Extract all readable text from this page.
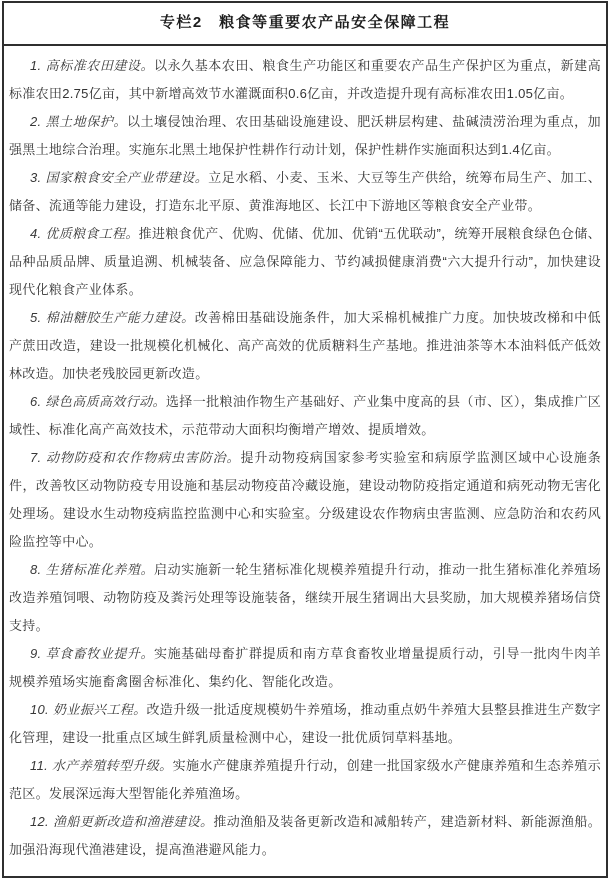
专栏2　粮食等重要农产品安全保障工程

1. 高标准农田建设。以永久基本农田、粮食生产功能区和重要农产品生产保护区为重点，新建高标准农田2.75亿亩，其中新增高效节水灌溉面积0.6亿亩，并改造提升现有高标准农田1.05亿亩。

2. 黑土地保护。以土壤侵蚀治理、农田基础设施建设、肥沃耕层构建、盐碱渍涝治理为重点，加强黑土地综合治理。实施东北黑土地保护性耕作行动计划，保护性耕作实施面积达到1.4亿亩。

3. 国家粮食安全产业带建设。立足水稻、小麦、玉米、大豆等生产供给，统筹布局生产、加工、储备、流通等能力建设，打造东北平原、黄淮海地区、长江中下游地区等粮食安全产业带。

4. 优质粮食工程。推进粮食优产、优购、优储、优加、优销“五优联动”，统筹开展粮食绿色仓储、品种品质品牌、质量追溯、机械装备、应急保障能力、节约减损健康消费“六大提升行动”，加快建设现代化粮食产业体系。

5. 棉油糖胶生产能力建设。改善棉田基础设施条件，加大采棉机械推广力度。加快坡改梯和中低产蔗田改造，建设一批规模化机械化、高产高效的优质糖料生产基地。推进油茶等木本油料低产低效林改造。加快老残胶园更新改造。

6. 绿色高质高效行动。选择一批粮油作物生产基础好、产业集中度高的县（市、区），集成推广区域性、标准化高产高效技术，示范带动大面积均衡增产增效、提质增效。

7. 动物防疫和农作物病虫害防治。提升动物疫病国家参考实验室和病原学监测区域中心设施条件，改善牧区动物防疫专用设施和基层动物疫苗冷藏设施，建设动物防疫指定通道和病死动物无害化处理场。建设水生动物疫病监控监测中心和实验室。分级建设农作物病虫害监测、应急防治和农药风险监控等中心。

8. 生猪标准化养殖。启动实施新一轮生猪标准化规模养殖提升行动，推动一批生猪标准化养殖场改造养殖饲喂、动物防疫及粪污处理等设施装备，继续开展生猪调出大县奖励，加大规模养猪场信贷支持。

9. 草食畜牧业提升。实施基础母畜扩群提质和南方草食畜牧业增量提质行动，引导一批肉牛肉羊规模养殖场实施畜禽圈舍标准化、集约化、智能化改造。

10. 奶业振兴工程。改造升级一批适度规模奶牛养殖场，推动重点奶牛养殖大县整县推进生产数字化管理，建设一批重点区域生鲜乳质量检测中心，建设一批优质饲草料基地。

11. 水产养殖转型升级。实施水产健康养殖提升行动，创建一批国家级水产健康养殖和生态养殖示范区。发展深远海大型智能化养殖渔场。

12. 渔船更新改造和渔港建设。推动渔船及装备更新改造和减船转产，建造新材料、新能源渔船。加强沿海现代渔港建设，提高渔港避风能力。
